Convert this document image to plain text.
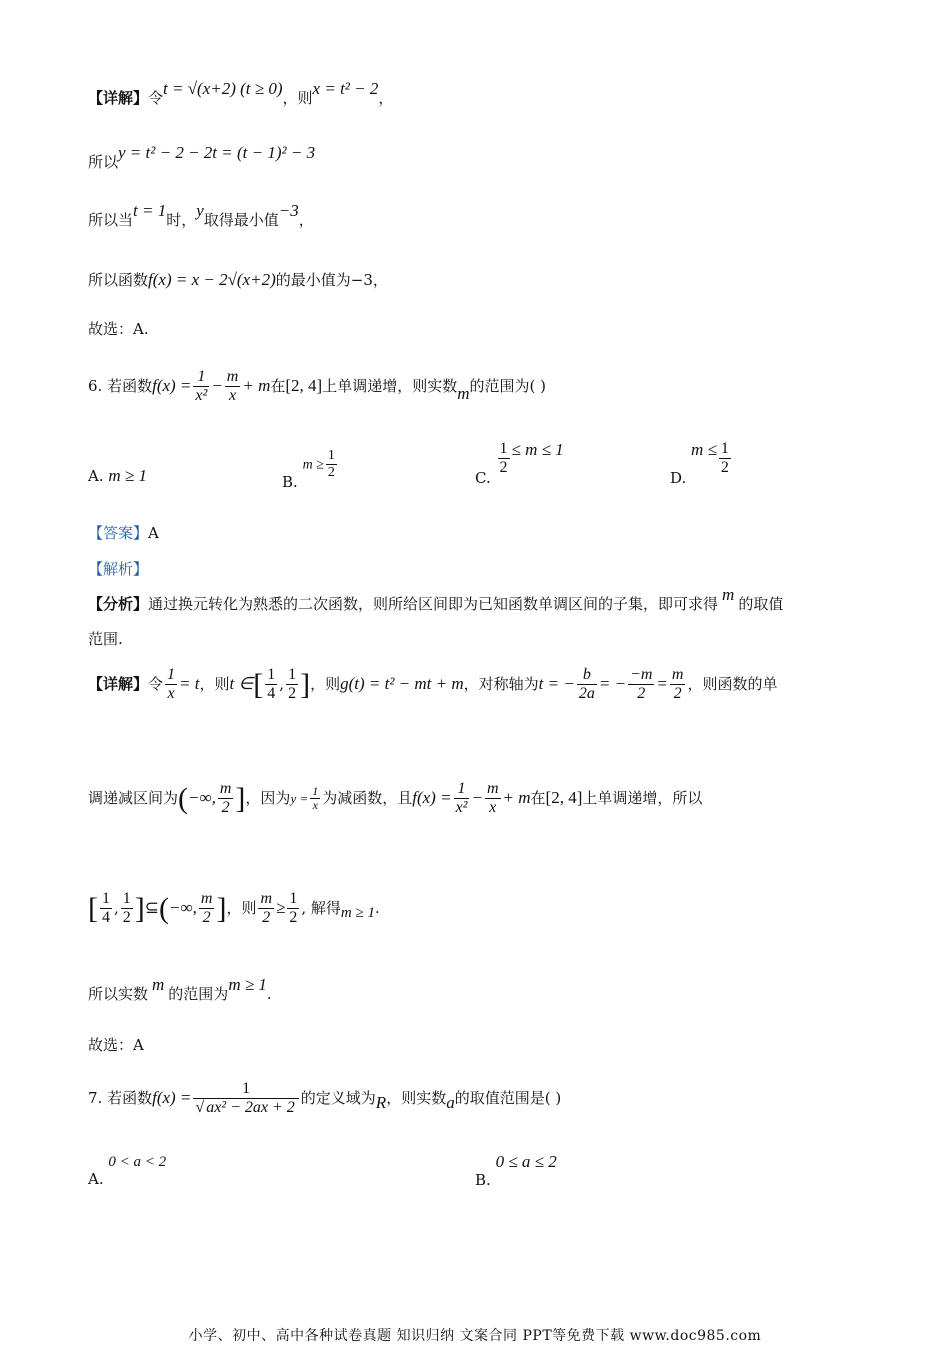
【详解】令t = √(x+2) (t ≥ 0)，则x = t² − 2，
所以y = t² − 2 − 2t = (t − 1)² − 3
所以当t = 1时，y取得最小值−3，
所以函数f(x) = x − 2√(x+2)的最小值为−3，
故选：A.
6. 若函数$f(x) = \frac{1}{\text{x²}} - \frac{m}{x} + m$在[2, 4]上单调递增，则实数m的范围为( )
A. m ≥ 1	B. $m \ge \frac{1}{2}$	C.
$\frac{1}{2} \le m \le 1$
D. $m \le \frac{1}{2}$
【答案】A
【解析】
【分析】通过换元转化为熟悉的二次函数，则所给区间即为已知函数单调区间的子集，即可求得 m 的取值
范围.
【详解】令 $\frac{1}{x} = t$，则t ∈[ $\frac{1}{4}$ , $\frac{1}{2}$ ]，则g(t) = t² − mt + m，对称轴为t = − $\frac{b}{2a}$ = − $\frac{-m}{2} = \frac{m}{2}$ ，则函数的单
调递减区间为(−∞, $\frac{m}{2}$ ]，因为$y = \frac{1}{x}$ 为减函数，且$f(x) = \frac{1}{\text{x²}} - \frac{m}{x} + m$在[2, 4]上单调递增，所以
[ $\frac{1}{4}$ , $\frac{1}{2}$ ]⊆(−∞, $\frac{m}{2}$ ]，则 $\frac{m}{2} \ge \frac{1}{2}$ , 解得m ≥ 1.
所以实数 m 的范围为m ≥ 1.
故选：A
7. 若函数$f(x) = \frac{1}{\text{√ ax² − 2ax + 2}}$ 的定义域为R，则实数a的取值范围是( )
A. 0 < a < 2
B. 0 ≤ a ≤ 2
小学、初中、高中各种试卷真题 知识归纳 文案合同 PPT等免费下载 www.doc985.com
